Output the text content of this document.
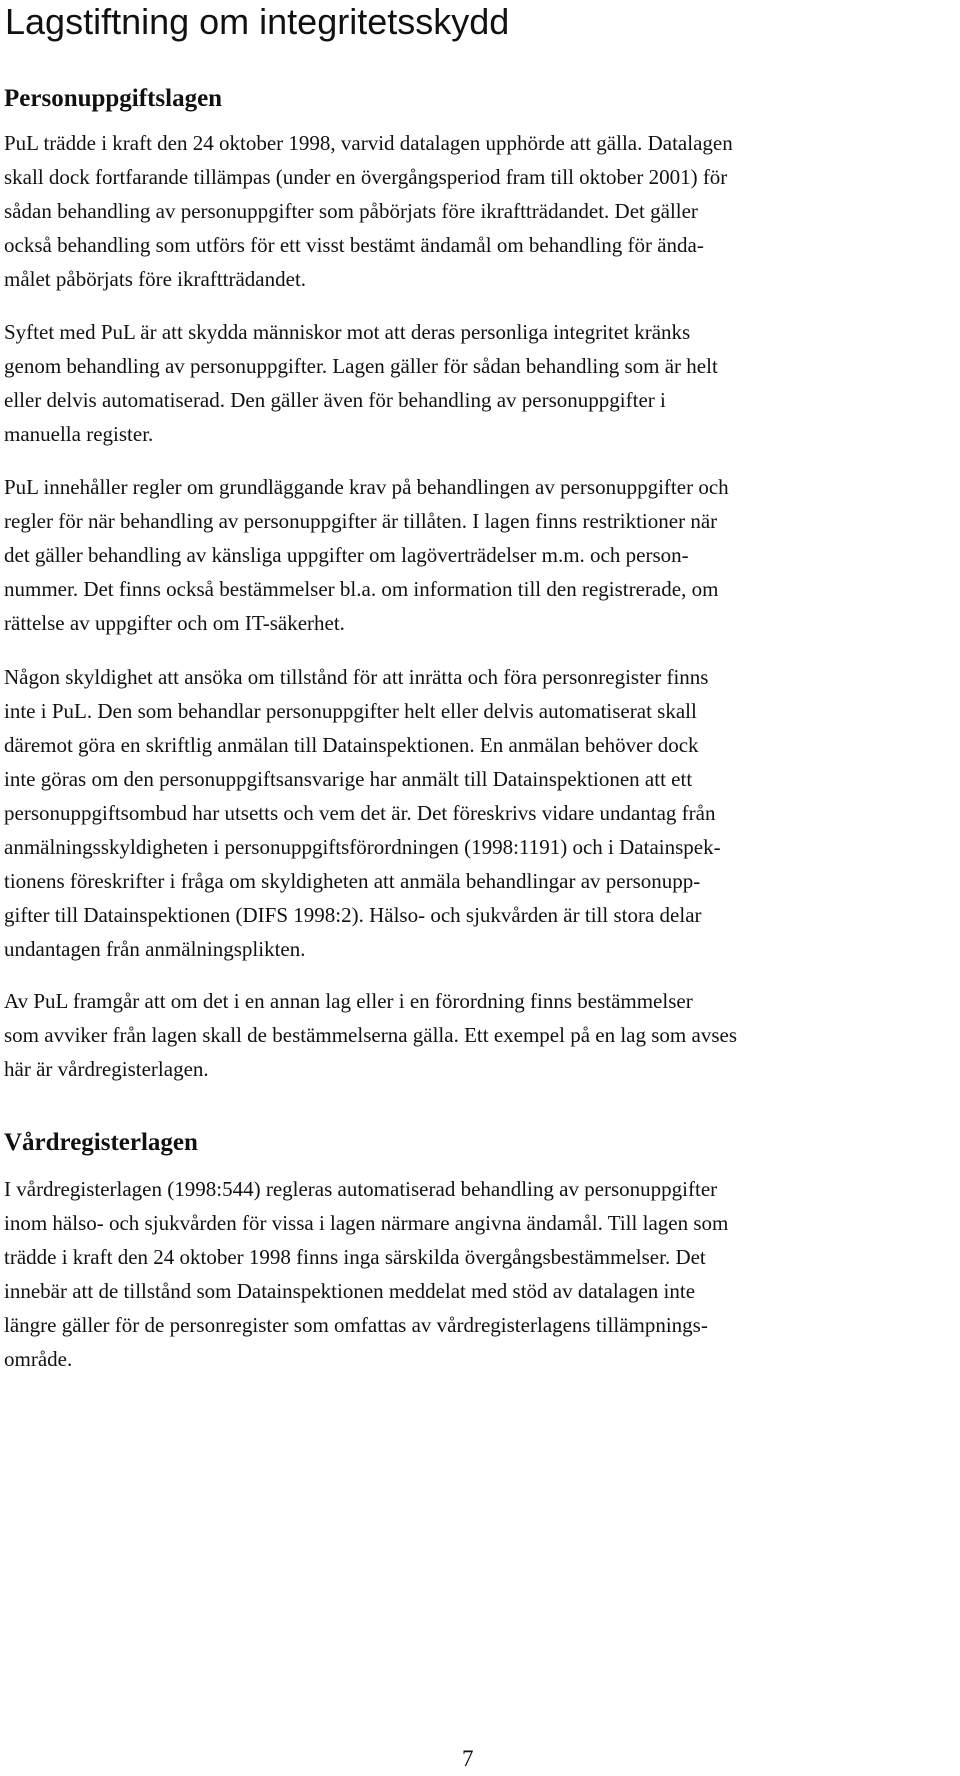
Lagstiftning om integritetsskydd
Personuppgiftslagen
PuL trädde i kraft den 24 oktober 1998, varvid datalagen upphörde att gälla. Datalagen
skall dock fortfarande tillämpas (under en övergångsperiod fram till oktober 2001) för
sådan behandling av personuppgifter som påbörjats före ikraftträdandet. Det gäller
också behandling som utförs för ett visst bestämt ändamål om behandling för ända-
målet påbörjats före ikraftträdandet.
Syftet med PuL är att skydda människor mot att deras personliga integritet kränks
genom behandling av personuppgifter. Lagen gäller för sådan behandling som är helt
eller delvis automatiserad. Den gäller även för behandling av personuppgifter i
manuella register.
PuL innehåller regler om grundläggande krav på behandlingen av personuppgifter och
regler för när behandling av personuppgifter är tillåten. I lagen finns restriktioner när
det gäller behandling av känsliga uppgifter om lagöverträdelser m.m. och person-
nummer. Det finns också bestämmelser bl.a. om information till den registrerade, om
rättelse av uppgifter och om IT-säkerhet.
Någon skyldighet att ansöka om tillstånd för att inrätta och föra personregister finns
inte i PuL. Den som behandlar personuppgifter helt eller delvis automatiserat skall
däremot göra en skriftlig anmälan till Datainspektionen. En anmälan behöver dock
inte göras om den personuppgiftsansvarige har anmält till Datainspektionen att ett
personuppgiftsombud har utsetts och vem det är. Det föreskrivs vidare undantag från
anmälningsskyldigheten i personuppgiftsförordningen (1998:1191) och i Datainspek-
tionens föreskrifter i fråga om skyldigheten att anmäla behandlingar av personupp-
gifter till Datainspektionen (DIFS 1998:2). Hälso- och sjukvården är till stora delar
undantagen från anmälningsplikten.
Av PuL framgår att om det i en annan lag eller i en förordning finns bestämmelser
som avviker från lagen skall de bestämmelserna gälla. Ett exempel på en lag som avses
här är vårdregisterlagen.
Vårdregisterlagen
I vårdregisterlagen (1998:544) regleras automatiserad behandling av personuppgifter
inom hälso- och sjukvården för vissa i lagen närmare angivna ändamål. Till lagen som
trädde i kraft den 24 oktober 1998 finns inga särskilda övergångsbestämmelser. Det
innebär att de tillstånd som Datainspektionen meddelat med stöd av datalagen inte
längre gäller för de personregister som omfattas av vårdregisterlagens tillämpnings-
område.
7
